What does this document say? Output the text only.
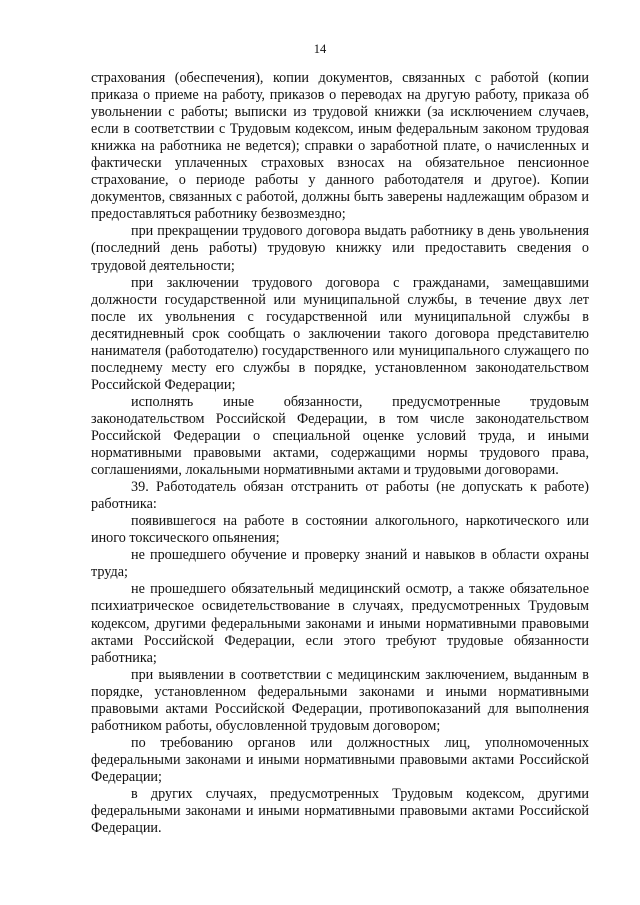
14

страхования (обеспечения), копии документов, связанных с работой (копии приказа о приеме на работу, приказов о переводах на другую работу, приказа об увольнении с работы; выписки из трудовой книжки (за исключением случаев, если в соответствии с Трудовым кодексом, иным федеральным законом трудовая книжка на работника не ведется); справки о заработной плате, о начисленных и фактически уплаченных страховых взносах на обязательное пенсионное страхование, о периоде работы у данного работодателя и другое). Копии документов, связанных с работой, должны быть заверены надлежащим образом и предоставляться работнику безвозмездно;

при прекращении трудового договора выдать работнику в день увольнения (последний день работы) трудовую книжку или предоставить сведения о трудовой деятельности;

при заключении трудового договора с гражданами, замещавшими должности государственной или муниципальной службы, в течение двух лет после их увольнения с государственной или муниципальной службы в десятидневный срок сообщать о заключении такого договора представителю нанимателя (работодателю) государственного или муниципального служащего по последнему месту его службы в порядке, установленном законодательством Российской Федерации;

исполнять иные обязанности, предусмотренные трудовым законодательством Российской Федерации, в том числе законодательством Российской Федерации о специальной оценке условий труда, и иными нормативными правовыми актами, содержащими нормы трудового права, соглашениями, локальными нормативными актами и трудовыми договорами.

39. Работодатель обязан отстранить от работы (не допускать к работе) работника:

появившегося на работе в состоянии алкогольного, наркотического или иного токсического опьянения;

не прошедшего обучение и проверку знаний и навыков в области охраны труда;

не прошедшего обязательный медицинский осмотр, а также обязательное психиатрическое освидетельствование в случаях, предусмотренных Трудовым кодексом, другими федеральными законами и иными нормативными правовыми актами Российской Федерации, если этого требуют трудовые обязанности работника;

при выявлении в соответствии с медицинским заключением, выданным в порядке, установленном федеральными законами и иными нормативными правовыми актами Российской Федерации, противопоказаний для выполнения работником работы, обусловленной трудовым договором;

по требованию органов или должностных лиц, уполномоченных федеральными законами и иными нормативными правовыми актами Российской Федерации;

в других случаях, предусмотренных Трудовым кодексом, другими федеральными законами и иными нормативными правовыми актами Российской Федерации.
